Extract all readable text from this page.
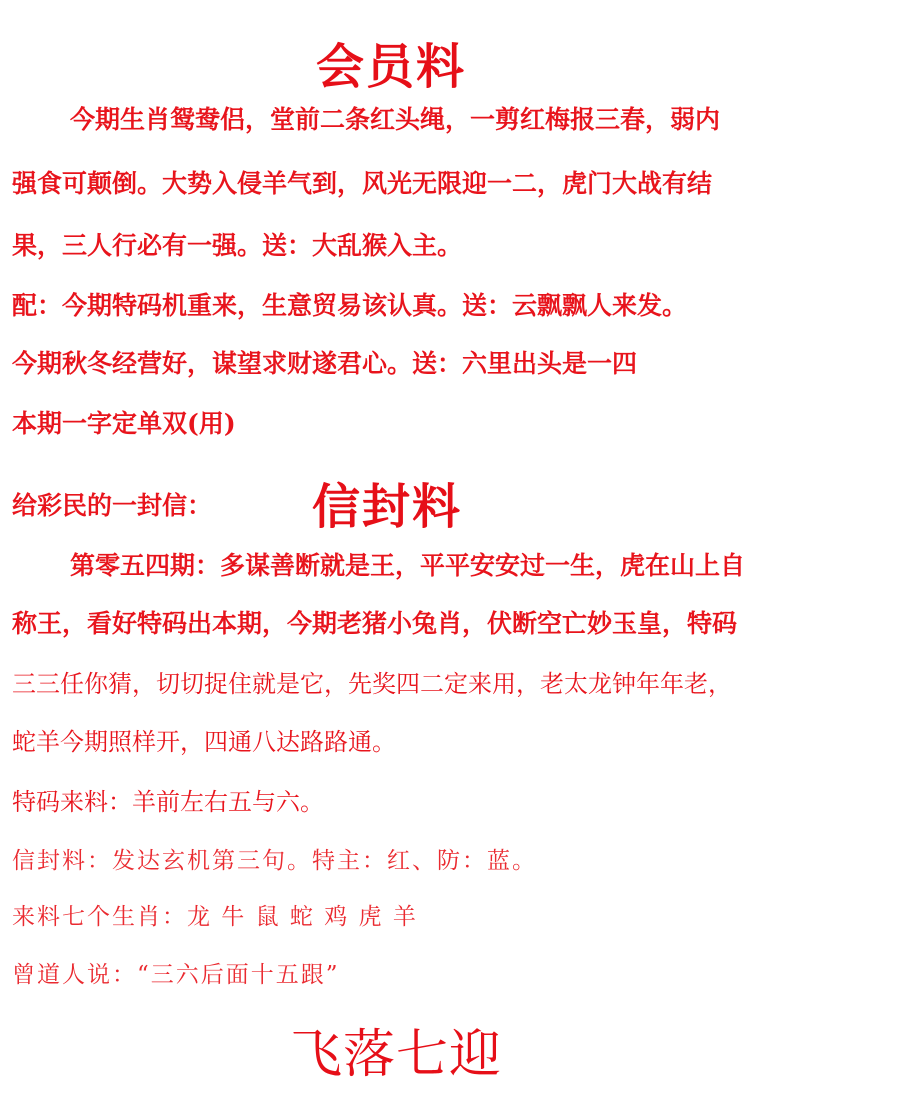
会员料
今期生肖鸳鸯侣，堂前二条红头绳，一剪红梅报三春，弱内
强食可颠倒。大势入侵羊气到，风光无限迎一二，虎门大战有结
果，三人行必有一强。送：大乱猴入主。
配：今期特码机重来，生意贸易该认真。送：云飘飘人来发。
今期秋冬经营好，谋望求财遂君心。送：六里出头是一四
本期一字定单双(用)
给彩民的一封信： 信封料
第零五四期：多谋善断就是王，平平安安过一生，虎在山上自
称王，看好特码出本期，今期老猪小兔肖，伏断空亡妙玉皇，特码
三三任你猜，切切捉住就是它，先奖四二定来用，老太龙钟年年老，
蛇羊今期照样开，四通八达路路通。
特码来料：羊前左右五与六。
信封料：发达玄机第三句。特主：红、防：蓝。
来料七个生肖：龙 牛 鼠 蛇 鸡 虎 羊
曾道人说：“三六后面十五跟”
飞落七迎
